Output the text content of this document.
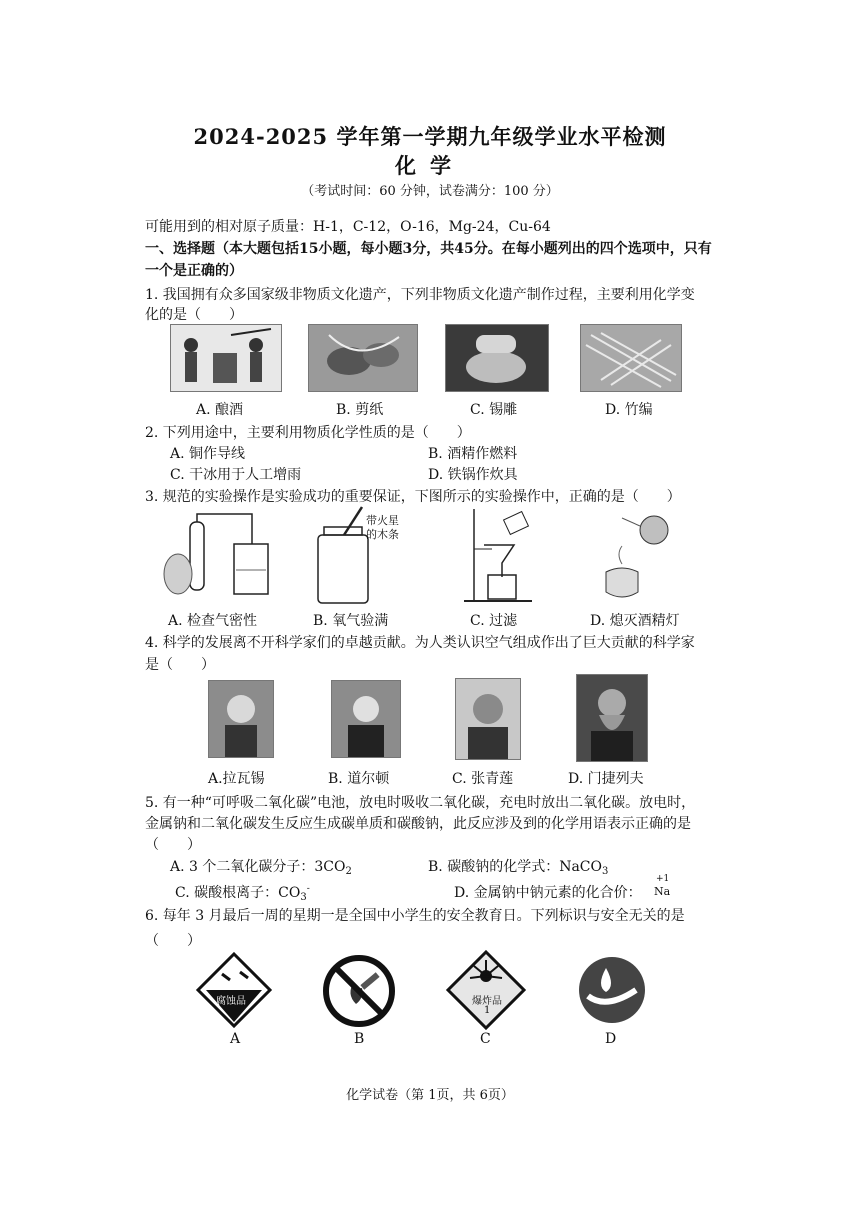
2024-2025 学年第一学期九年级学业水平检测
化学
（考试时间：60 分钟，试卷满分：100 分）
可能用到的相对原子质量：H-1，C-12，O-16，Mg-24，Cu-64
一、选择题（本大题包括15小题，每小题3分，共45分。在每小题列出的四个选项中，只有
一个是正确的）
1. 我国拥有众多国家级非物质文化遗产，下列非物质文化遗产制作过程，主要利用化学变
化的是（　　）
A. 酿酒	B. 剪纸	C. 锡雕	D. 竹编
2. 下列用途中，主要利用物质化学性质的是（　　）
A. 铜作导线	B. 酒精作燃料
C. 干冰用于人工增雨	D. 铁锅作炊具
3. 规范的实验操作是实验成功的重要保证，下图所示的实验操作中，正确的是（　　）
带火星
的木条
A. 检查气密性	B. 氧气验满	C. 过滤	D. 熄灭酒精灯
4. 科学的发展离不开科学家们的卓越贡献。为人类认识空气组成作出了巨大贡献的科学家
是（　　）
A.拉瓦锡	B. 道尔顿	C. 张青莲	D. 门捷列夫
5. 有一种“可呼吸二氧化碳”电池，放电时吸收二氧化碳，充电时放出二氧化碳。放电时，
金属钠和二氧化碳发生反应生成碳单质和碳酸钠，此反应涉及到的化学用语表示正确的是
（　　）
A. 3 个二氧化碳分子：$3CO_2$	B. 碳酸钠的化学式：NaCO$_3$
C. 碳酸根离子：$CO_3^-$	D. 金属钠中钠元素的化合价：
+1
Na
6. 每年 3 月最后一周的星期一是全国中小学生的安全教育日。下列标识与安全无关的是
（　　）
腐蚀品	爆炸品
1
A	B	C	D
化学试卷（第 1页，共 6页）
